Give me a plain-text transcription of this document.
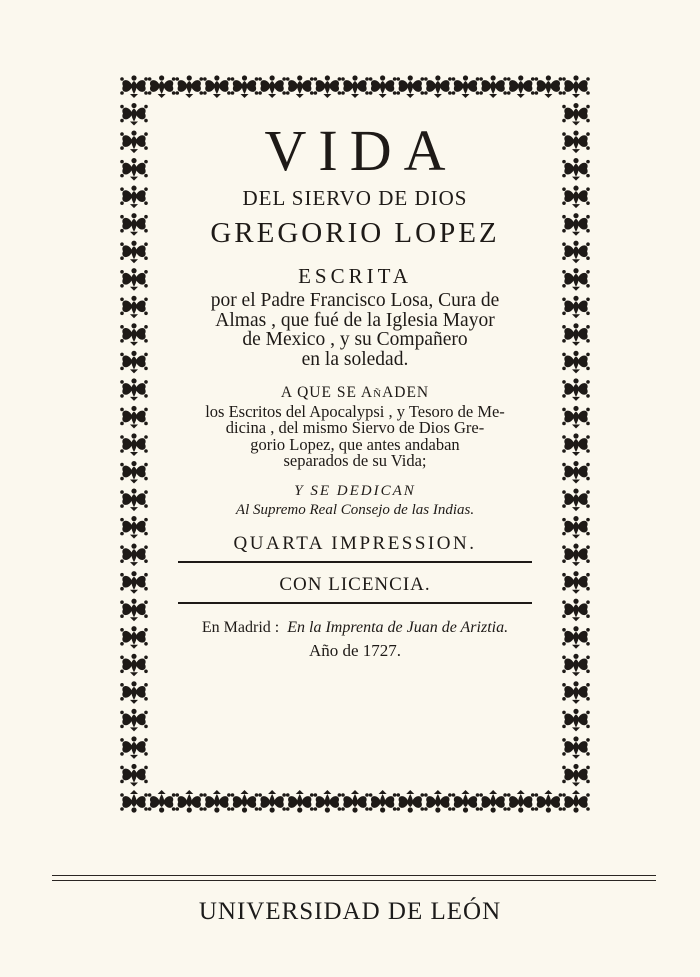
VIDA
DEL SIERVO DE DIOS
GREGORIO LOPEZ
ESCRITA
por el Padre Francisco Losa, Cura de
Almas , que fué de la Iglesia Mayor
de Mexico , y su Compañero
en la soledad.
A QUE SE AñADEN
los Escritos del Apocalypsi , y Tesoro de Me-
dicina , del mismo Siervo de Dios Gre-
gorio Lopez, que antes andaban
separados de su Vida;
Y SE DEDICAN
Al Supremo Real Consejo de las Indias.
QUARTA IMPRESSION.
CON LICENCIA.
En Madrid : En la Imprenta de Juan de Ariztia.
Año de 1727.
UNIVERSIDAD DE LEÓN
